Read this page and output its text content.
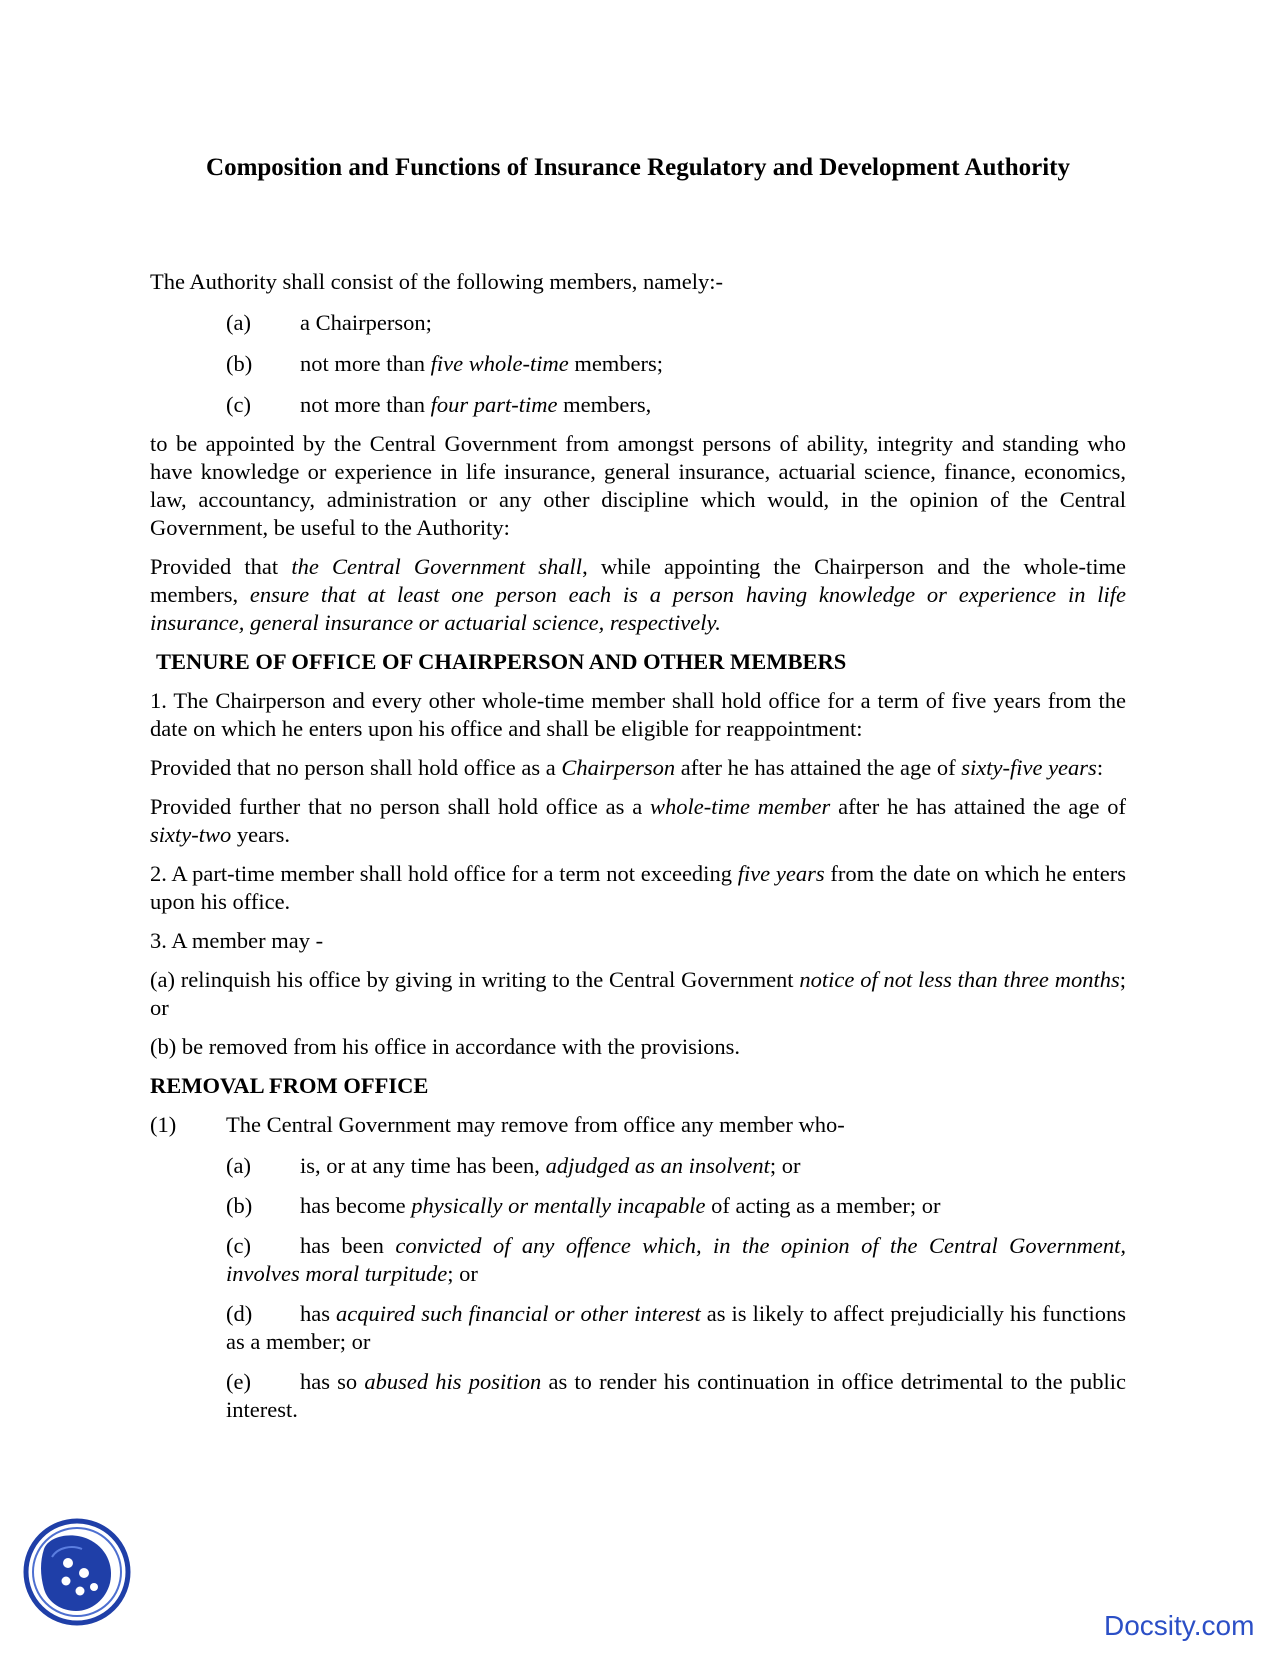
Composition and Functions of Insurance Regulatory and Development Authority

The Authority shall consist of the following members, namely:-

(a) a Chairperson;
(b) not more than five whole-time members;
(c) not more than four part-time members,

to be appointed by the Central Government from amongst persons of ability, integrity and standing who have knowledge or experience in life insurance, general insurance, actuarial science, finance, economics, law, accountancy, administration or any other discipline which would, in the opinion of the Central Government, be useful to the Authority:

Provided that the Central Government shall, while appointing the Chairperson and the whole-time members, ensure that at least one person each is a person having knowledge or experience in life insurance, general insurance or actuarial science, respectively.

TENURE OF OFFICE OF CHAIRPERSON AND OTHER MEMBERS

1. The Chairperson and every other whole-time member shall hold office for a term of five years from the date on which he enters upon his office and shall be eligible for reappointment:

Provided that no person shall hold office as a Chairperson after he has attained the age of sixty-five years:

Provided further that no person shall hold office as a whole-time member after he has attained the age of sixty-two years.

2. A part-time member shall hold office for a term not exceeding five years from the date on which he enters upon his office.

3. A member may -

(a) relinquish his office by giving in writing to the Central Government notice of not less than three months; or

(b) be removed from his office in accordance with the provisions.

REMOVAL FROM OFFICE

(1) The Central Government may remove from office any member who-
(a) is, or at any time has been, adjudged as an insolvent; or
(b) has become physically or mentally incapable of acting as a member; or
(c) has been convicted of any offence which, in the opinion of the Central Government, involves moral turpitude; or
(d) has acquired such financial or other interest as is likely to affect prejudicially his functions as a member; or
(e) has so abused his position as to render his continuation in office detrimental to the public interest.
Docsity.com
